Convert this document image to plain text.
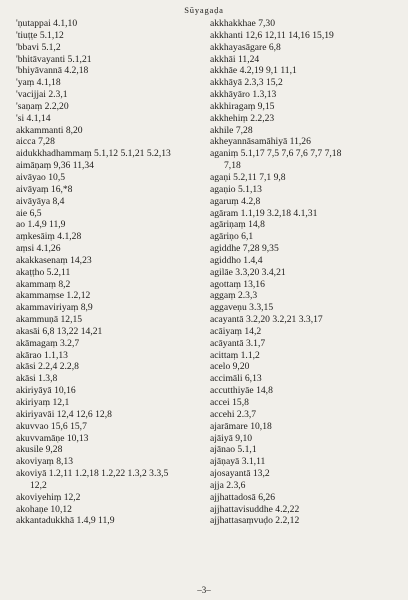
Sūyagaḍa
'ṇutappai 4.1,10
'tiuṭṭe 5.1,12
'bbavi 5.1,2
'bhitāvayanti 5.1,21
'bhiyāvannā 4.2,18
'yaṃ 4.1,18
'vacijjai 2.3,1
'saṇaṃ 2.2,20
'si 4.1,14
akkammanti 8,20
aicca 7,28
aidukkhadhammaṃ 5.1,12 5.1,21 5.2,13
aimāṇaṃ 9,36 11,34
aivāyao 10,5
aivāyaṃ 16,*8
aivāyāya 8,4
aie 6,5
ao 1.4,9 11,9
aṃkesāiṃ 4.1,28
aṃsi 4.1,26
akakkasenaṃ 14,23
akaṭṭho 5.2,11
akammaṃ 8,2
akammaṃse 1.2,12
akammaviriyaṃ 8,9
akammuṇā 12,15
akasāi 6,8 13,22 14,21
akāmagaṃ 3.2,7
akārao 1.1,13
akāsi 2.2,4 2.2,8
akāsi 1.3,8
akiriyāyā 10,16
akiriyaṃ 12,1
akiriyavāi 12,4 12,6 12,8
akuvvao 15,6 15,7
akuvvamāṇe 10,13
akusile 9,28
akoviyaṃ 8,13
akoviyā 1.2,11 1.2,18 1.2,22 1.3,2 3.3,5
12,2
akoviyehiṃ 12,2
akohaṇe 10,12
akkantadukkhā 1.4,9 11,9
akkhakkhae 7,30
akkhanti 12,6 12,11 14,16 15,19
akkhayasāgare 6,8
akkhāi 11,24
akkhāe 4.2,19 9,1 11,1
akkhāyā 2.3,3 15,2
akkhāyāro 1.3,13
akkhiragaṃ 9,15
akkhehiṃ 2.2,23
akhile 7,28
akheyannāsamāhiyā 11,26
aganiṃ 5.1,17 7,5 7,6 7,6 7,7 7,18
7,18
agaṇi 5.2,11 7,1 9,8
agaṇio 5.1,13
agaruṃ 4.2,8
agāram 1.1,19 3.2,18 4.1,31
agāriṇaṃ 14,8
agāriṇo 6,1
agiddhe 7,28 9,35
agiddho 1.4,4
agilāe 3.3,20 3.4,21
agottaṃ 13,16
aggaṃ 2.3,3
aggaveṇu 3.3,15
acayantā 3.2,20 3.2,21 3.3,17
acāiyaṃ 14,2
acāyantā 3.1,7
acittaṃ 1.1,2
acelo 9,20
accimāli 6,13
accutthiyāe 14,8
accei 15,8
accehi 2.3,7
ajarāmare 10,18
ajāiyā 9,10
ajānao 5.1,1
ajāṇayā 3.1,11
ajosayantā 13,2
ajja 2.3,6
ajjhattadosā 6,26
ajjhattavisuddhe 4.2,22
ajjhattasaṃvuḍo 2.2,12
–3–
